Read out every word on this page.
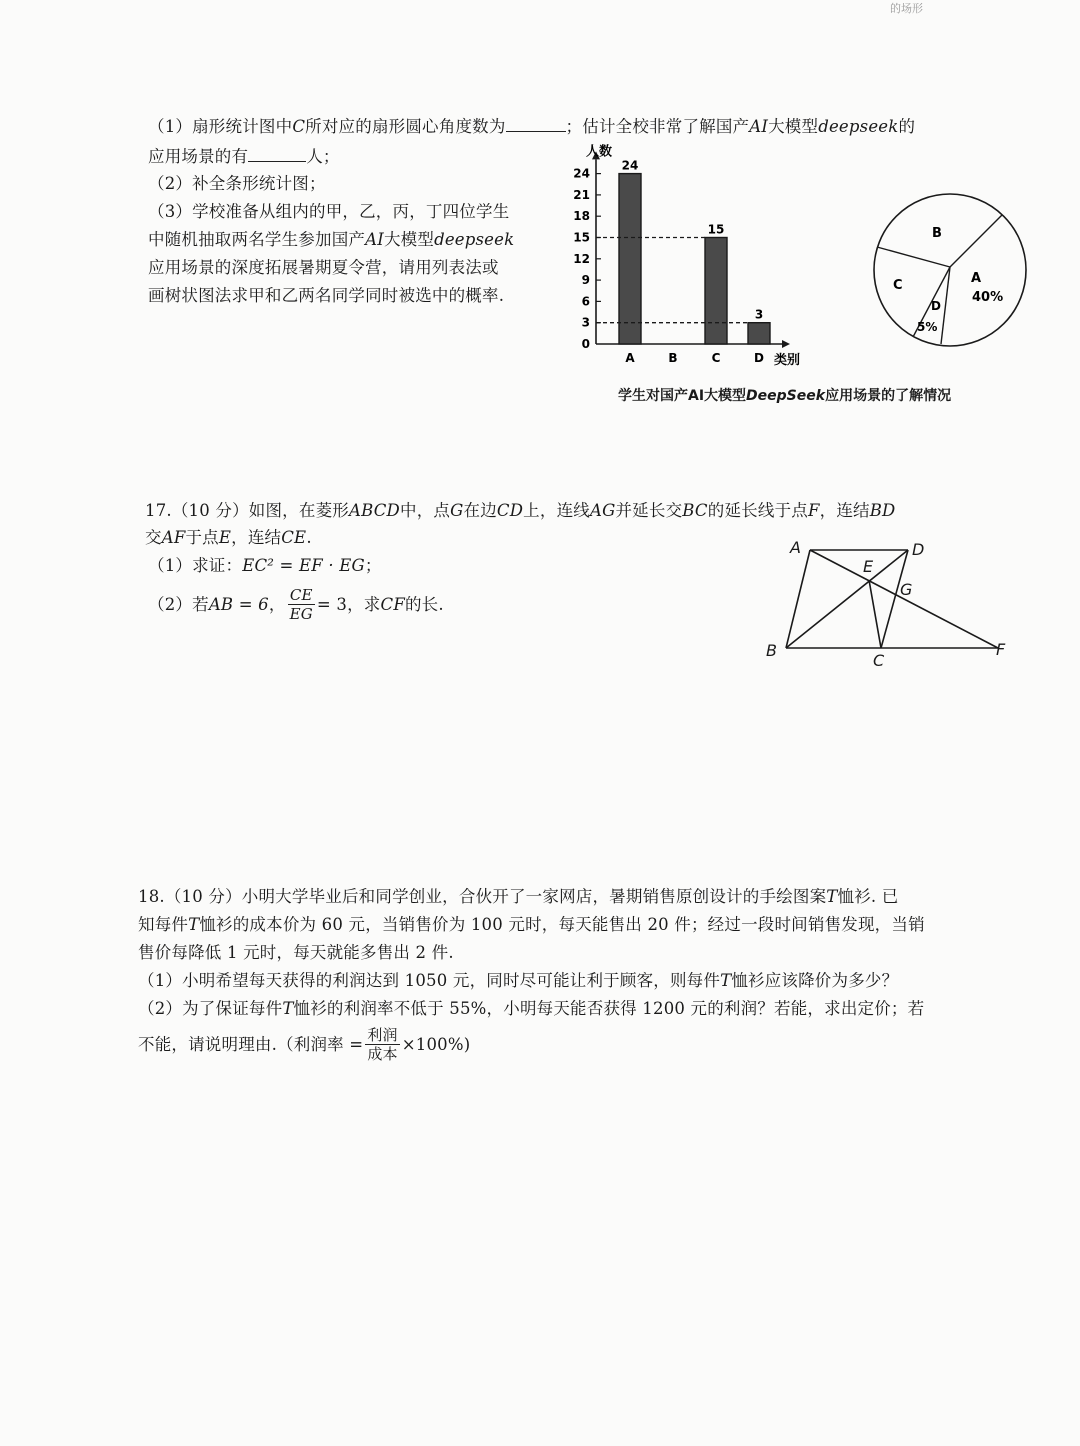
的场形
（1）扇形统计图中C所对应的扇形圆心角度数为	；估计全校非常了解国产AI大模型deepseek的
应用场景的有	人；
（2）补全条形统计图；
（3）学校准备从组内的甲，乙，丙，丁四位学生
中随机抽取两名学生参加国产AI大模型deepseek
应用场景的深度拓展暑期夏令营，请用列表法或
画树状图法求甲和乙两名同学同时被选中的概率.
人数
类别
0
3
6
9
12
15
18
21
24
24
A	B
15
C
3
D
B
C	A
40%
D
5%
学生对国产AI大模型DeepSeek应用场景的了解情况
17.（10 分）如图，在菱形ABCD中，点G在边CD上，连线AG并延长交BC的延长线于点F，连结BD
交AF于点E，连结CE.
（1）求证：EC² = EF · EG；
（2）若 AB = 6 ， $\frac{CE}{EG} = 3$，求 CF 的长.
A	D
E
G
B
C
F
18.（10 分）小明大学毕业后和同学创业，合伙开了一家网店，暑期销售原创设计的手绘图案T恤衫. 已
知每件T恤衫的成本价为 60 元，当销售价为 100 元时，每天能售出 20 件；经过一段时间销售发现，当销
售价每降低 1 元时，每天就能多售出 2 件.
（1）小明希望每天获得的利润达到 1050 元，同时尽可能让利于顾客，则每件T恤衫应该降价为多少？
（2）为了保证每件T恤衫的利润率不低于 55%，小明每天能否获得 1200 元的利润？若能，求出定价；若
不能，请说明理由.（利润率 = $\frac{\text{利润}}{\text{成本}} \times 100\%$)
